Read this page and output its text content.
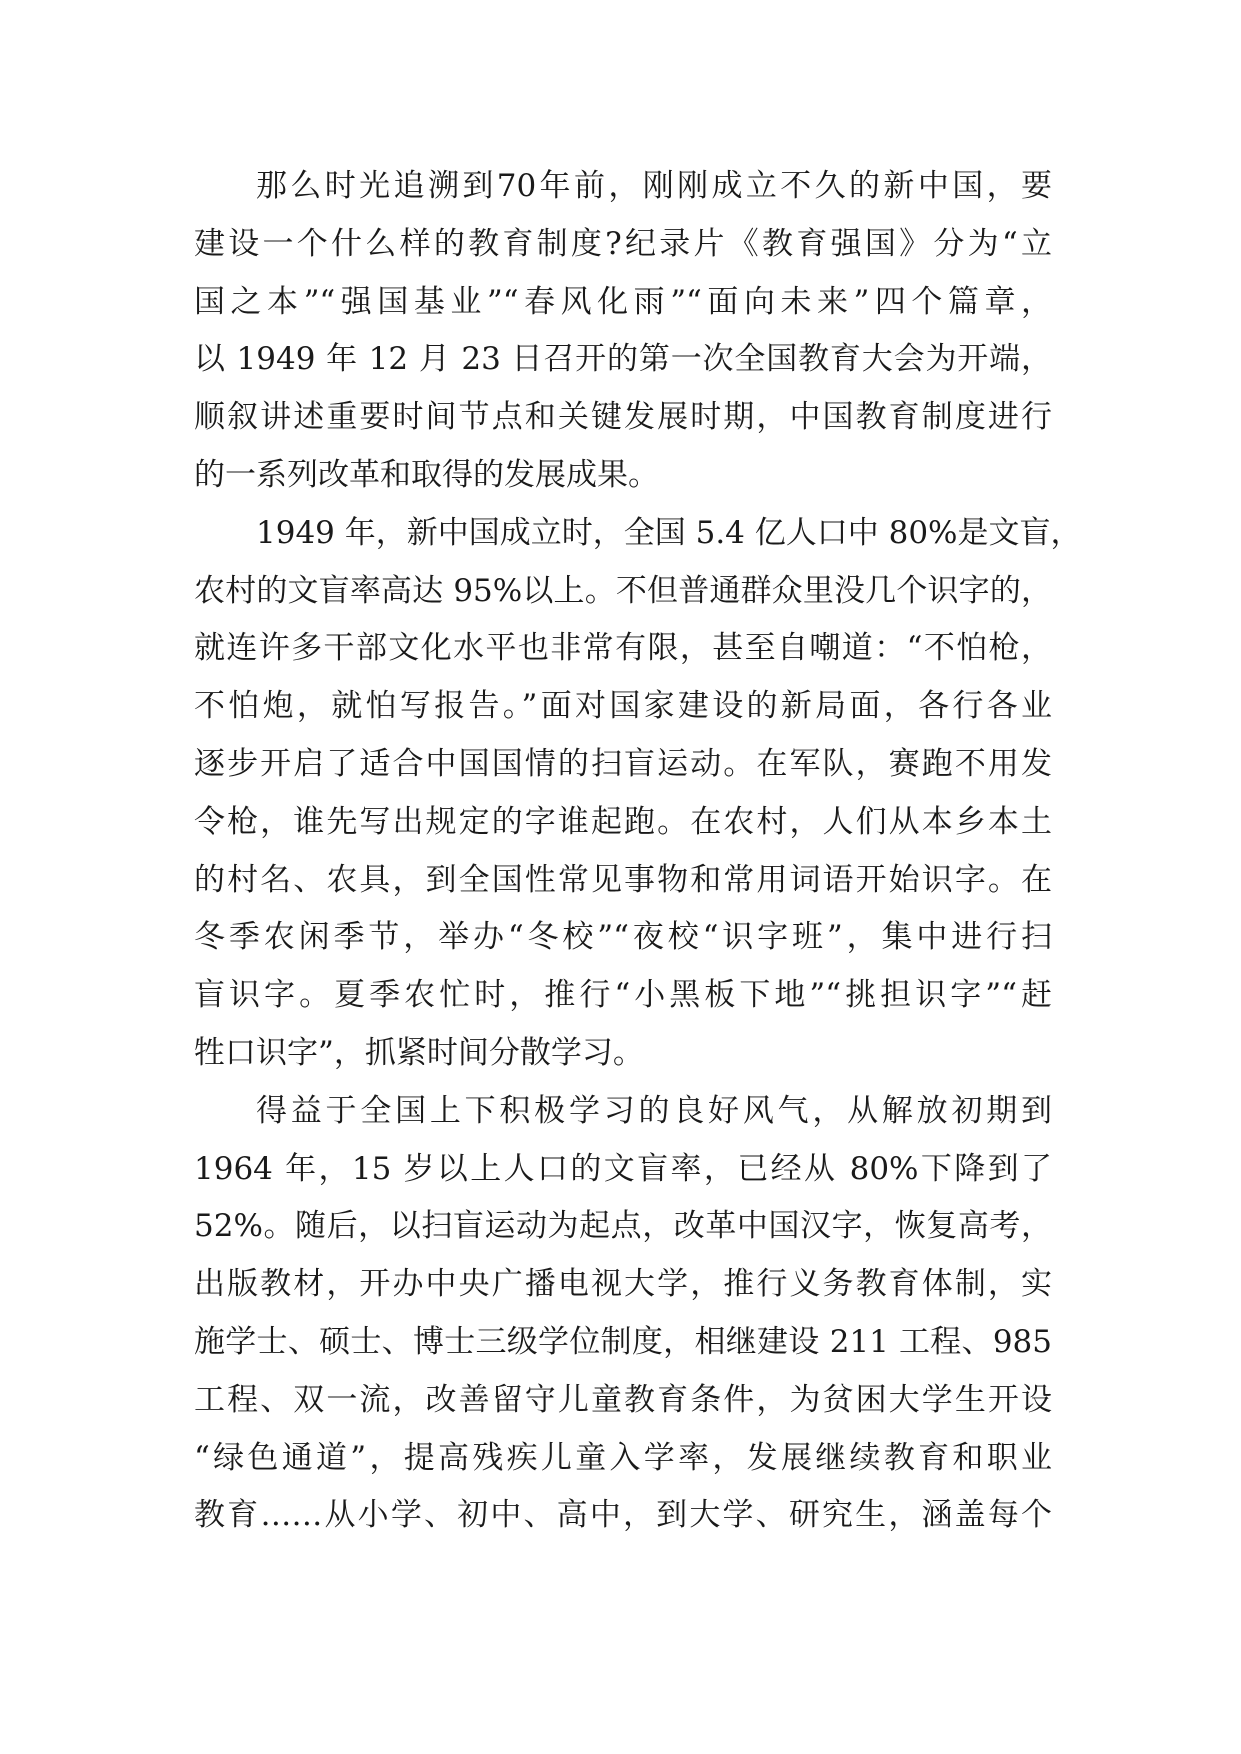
那么时光追溯到70年前，刚刚成立不久的新中国，要
建设一个什么样的教育制度?纪录片《教育强国》分为“立
国之本”“强国基业”“春风化雨”“面向未来”四个篇章，
以 1949 年 12 月 23 日召开的第一次全国教育大会为开端，
顺叙讲述重要时间节点和关键发展时期，中国教育制度进行
的一系列改革和取得的发展成果。
1949 年，新中国成立时，全国 5.4 亿人口中 80%是文盲，
农村的文盲率高达 95%以上。不但普通群众里没几个识字的，
就连许多干部文化水平也非常有限，甚至自嘲道：“不怕枪，
不怕炮，就怕写报告。”面对国家建设的新局面，各行各业
逐步开启了适合中国国情的扫盲运动。在军队，赛跑不用发
令枪，谁先写出规定的字谁起跑。在农村，人们从本乡本土
的村名、农具，到全国性常见事物和常用词语开始识字。在
冬季农闲季节，举办“冬校”“夜校“识字班”，集中进行扫
盲识字。夏季农忙时，推行“小黑板下地”“挑担识字”“赶
牲口识字”，抓紧时间分散学习。
得益于全国上下积极学习的良好风气，从解放初期到
1964 年，15 岁以上人口的文盲率，已经从 80%下降到了
52%。随后，以扫盲运动为起点，改革中国汉字，恢复高考，
出版教材，开办中央广播电视大学，推行义务教育体制，实
施学士、硕士、博士三级学位制度，相继建设 211 工程、985
工程、双一流，改善留守儿童教育条件，为贫困大学生开设
“绿色通道”，提高残疾儿童入学率，发展继续教育和职业
教育……从小学、初中、高中，到大学、研究生，涵盖每个
